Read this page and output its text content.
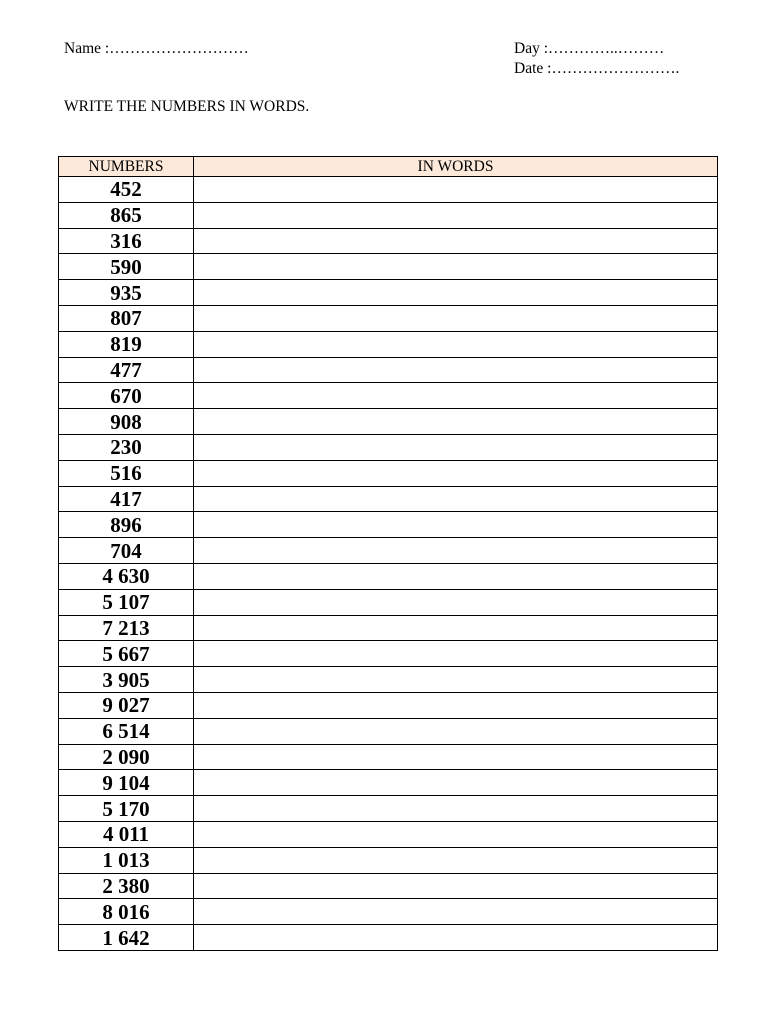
Name :………………………	Day :…………..………
Date :…………………….
WRITE THE NUMBERS IN WORDS.
NUMBERS	IN WORDS
452	
865	
316	
590	
935	
807	
819	
477	
670	
908	
230	
516	
417	
896	
704	
4 630	
5 107	
7 213	
5 667	
3 905	
9 027	
6 514	
2 090	
9 104	
5 170	
4 011	
1 013	
2 380	
8 016	
1 642	
